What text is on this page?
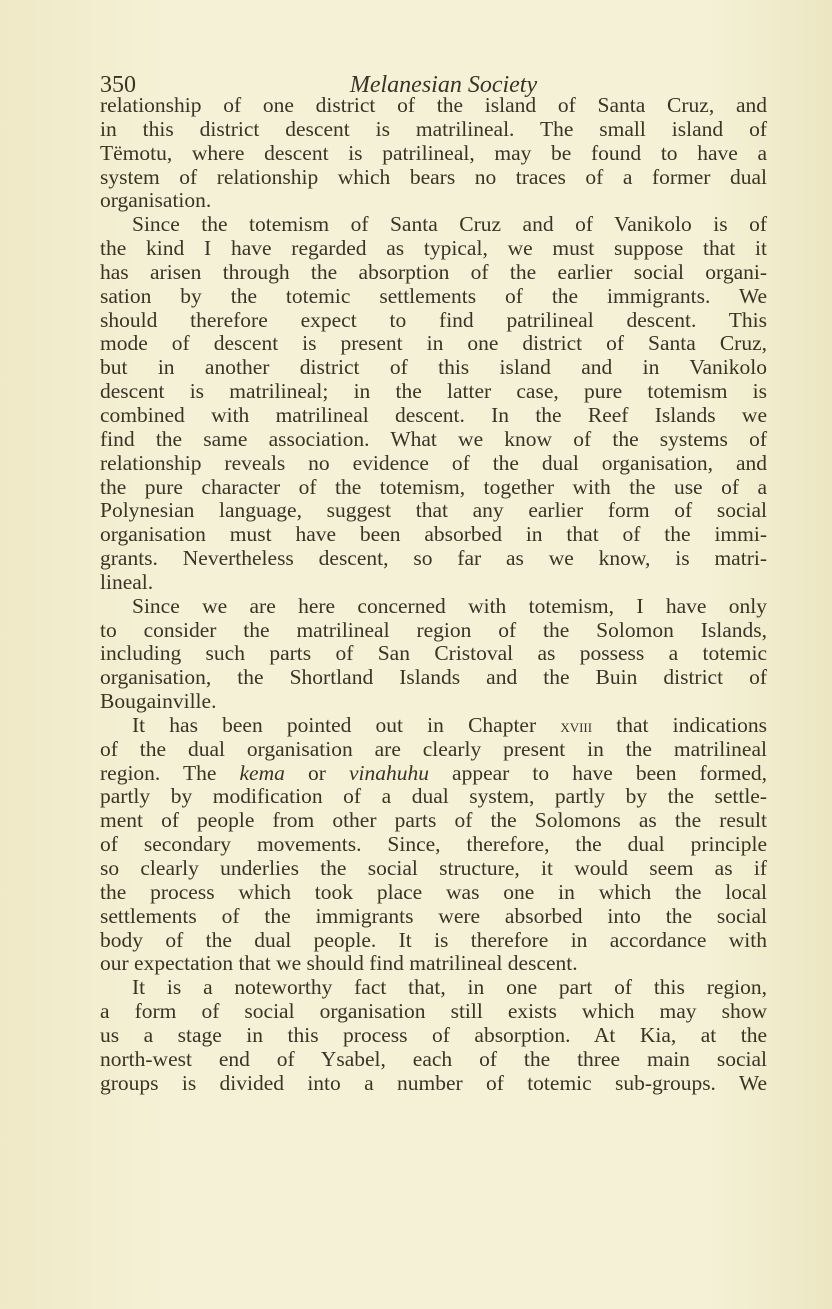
350	Melanesian Society
relationship of one district of the island of Santa Cruz, and
in this district descent is matrilineal. The small island of
Tëmotu, where descent is patrilineal, may be found to have a
system of relationship which bears no traces of a former dual
organisation.
Since the totemism of Santa Cruz and of Vanikolo is of
the kind I have regarded as typical, we must suppose that it
has arisen through the absorption of the earlier social organi-
sation by the totemic settlements of the immigrants. We
should therefore expect to find patrilineal descent. This
mode of descent is present in one district of Santa Cruz,
but in another district of this island and in Vanikolo
descent is matrilineal; in the latter case, pure totemism is
combined with matrilineal descent. In the Reef Islands we
find the same association. What we know of the systems of
relationship reveals no evidence of the dual organisation, and
the pure character of the totemism, together with the use of a
Polynesian language, suggest that any earlier form of social
organisation must have been absorbed in that of the immi-
grants. Nevertheless descent, so far as we know, is matri-
lineal.
Since we are here concerned with totemism, I have only
to consider the matrilineal region of the Solomon Islands,
including such parts of San Cristoval as possess a totemic
organisation, the Shortland Islands and the Buin district of
Bougainville.
It has been pointed out in Chapter xviii that indications
of the dual organisation are clearly present in the matrilineal
region. The kema or vinahuhu appear to have been formed,
partly by modification of a dual system, partly by the settle-
ment of people from other parts of the Solomons as the result
of secondary movements. Since, therefore, the dual principle
so clearly underlies the social structure, it would seem as if
the process which took place was one in which the local
settlements of the immigrants were absorbed into the social
body of the dual people. It is therefore in accordance with
our expectation that we should find matrilineal descent.
It is a noteworthy fact that, in one part of this region,
a form of social organisation still exists which may show
us a stage in this process of absorption. At Kia, at the
north-west end of Ysabel, each of the three main social
groups is divided into a number of totemic sub-groups. We
